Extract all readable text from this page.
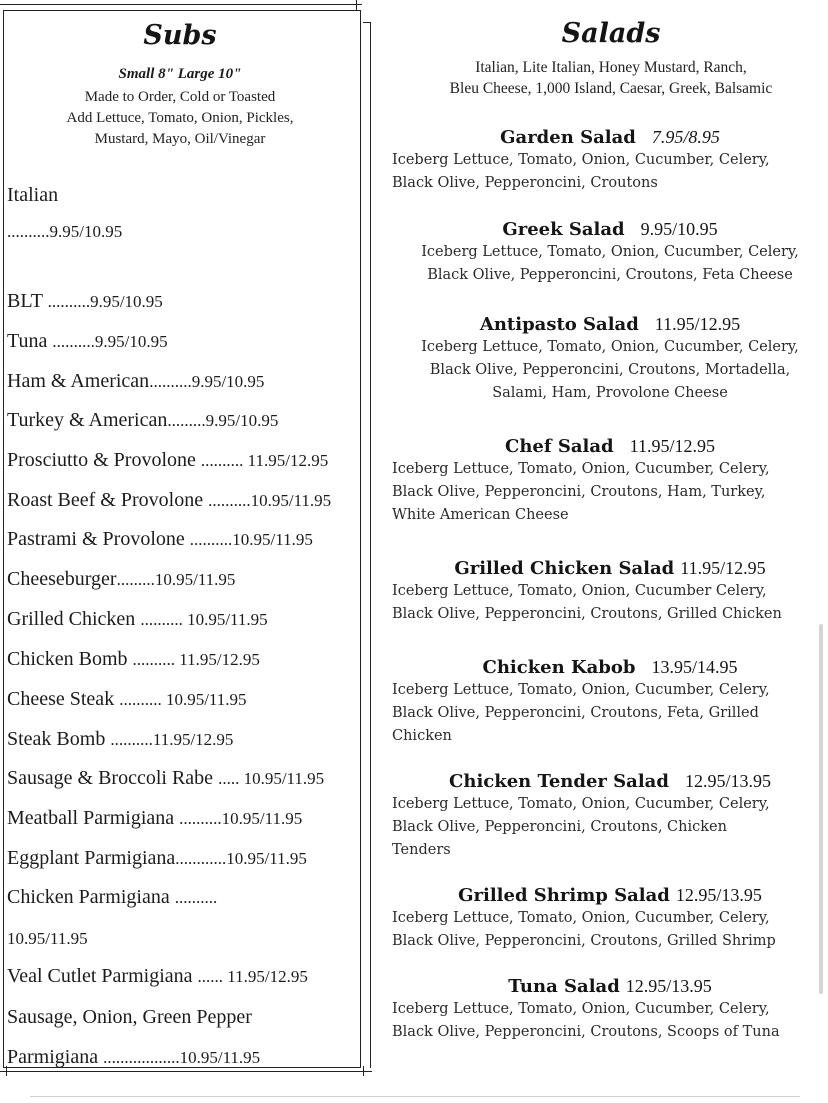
Subs
Small 8" Large 10"
Made to Order, Cold or Toasted
Add Lettuce, Tomato, Onion, Pickles,
Mustard, Mayo, Oil/Vinegar
Italian
..........9.95/10.95
BLT ..........9.95/10.95
Tuna ..........9.95/10.95
Ham & American..........9.95/10.95
Turkey & American.........9.95/10.95
Prosciutto & Provolone .......... 11.95/12.95
Roast Beef & Provolone ..........10.95/11.95
Pastrami & Provolone ..........10.95/11.95
Cheeseburger.........10.95/11.95
Grilled Chicken .......... 10.95/11.95
Chicken Bomb .......... 11.95/12.95
Cheese Steak .......... 10.95/11.95
Steak Bomb ..........11.95/12.95
Sausage & Broccoli Rabe ..... 10.95/11.95
Meatball Parmigiana ..........10.95/11.95
Eggplant Parmigiana............10.95/11.95
Chicken Parmigiana ..........
10.95/11.95
Veal Cutlet Parmigiana ...... 11.95/12.95
Sausage, Onion, Green Pepper
Parmigiana ..................10.95/11.95
Salads
Italian, Lite Italian, Honey Mustard, Ranch,
Bleu Cheese, 1,000 Island, Caesar, Greek, Balsamic
Garden Salad 7.95/8.95
Iceberg Lettuce, Tomato, Onion, Cucumber, Celery,
Black Olive, Pepperoncini, Croutons
Greek Salad 9.95/10.95
Iceberg Lettuce, Tomato, Onion, Cucumber, Celery,
Black Olive, Pepperoncini, Croutons, Feta Cheese
Antipasto Salad 11.95/12.95
Iceberg Lettuce, Tomato, Onion, Cucumber, Celery,
Black Olive, Pepperoncini, Croutons, Mortadella,
Salami, Ham, Provolone Cheese
Chef Salad 11.95/12.95
Iceberg Lettuce, Tomato, Onion, Cucumber, Celery,
Black Olive, Pepperoncini, Croutons, Ham, Turkey,
White American Cheese
Grilled Chicken Salad 11.95/12.95
Iceberg Lettuce, Tomato, Onion, Cucumber Celery,
Black Olive, Pepperoncini, Croutons, Grilled Chicken
Chicken Kabob 13.95/14.95
Iceberg Lettuce, Tomato, Onion, Cucumber, Celery,
Black Olive, Pepperoncini, Croutons, Feta, Grilled
Chicken
Chicken Tender Salad 12.95/13.95
Iceberg Lettuce, Tomato, Onion, Cucumber, Celery,
Black Olive, Pepperoncini, Croutons, Chicken
Tenders
Grilled Shrimp Salad 12.95/13.95
Iceberg Lettuce, Tomato, Onion, Cucumber, Celery,
Black Olive, Pepperoncini, Croutons, Grilled Shrimp
Tuna Salad 12.95/13.95
Iceberg Lettuce, Tomato, Onion, Cucumber, Celery,
Black Olive, Pepperoncini, Croutons, Scoops of Tuna
